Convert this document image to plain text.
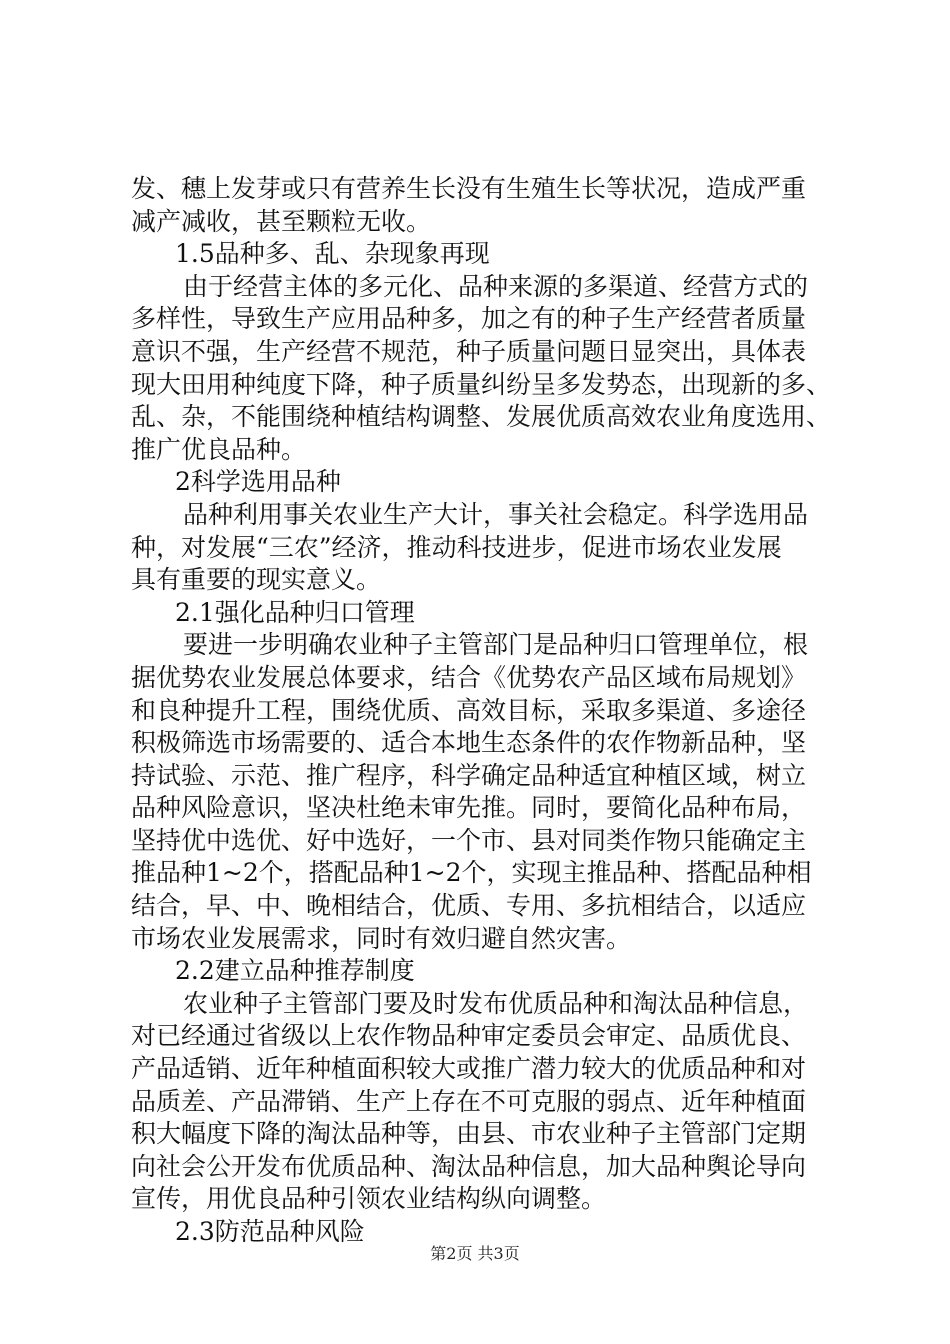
发、穗上发芽或只有营养生长没有生殖生长等状况，造成严重
减产减收，甚至颗粒无收。
1.5品种多、乱、杂现象再现
由于经营主体的多元化、品种来源的多渠道、经营方式的
多样性，导致生产应用品种多，加之有的种子生产经营者质量
意识不强，生产经营不规范，种子质量问题日显突出，具体表
现大田用种纯度下降，种子质量纠纷呈多发势态，出现新的多、
乱、杂，不能围绕种植结构调整、发展优质高效农业角度选用、
推广优良品种。
2科学选用品种
品种利用事关农业生产大计，事关社会稳定。科学选用品
种，对发展“三农”经济，推动科技进步，促进市场农业发展
具有重要的现实意义。
2.1强化品种归口管理
要进一步明确农业种子主管部门是品种归口管理单位，根
据优势农业发展总体要求，结合《优势农产品区域布局规划》
和良种提升工程，围绕优质、高效目标，采取多渠道、多途径
积极筛选市场需要的、适合本地生态条件的农作物新品种，坚
持试验、示范、推广程序，科学确定品种适宜种植区域，树立
品种风险意识，坚决杜绝未审先推。同时，要简化品种布局，
坚持优中选优、好中选好，一个市、县对同类作物只能确定主
推品种1~2个，搭配品种1~2个，实现主推品种、搭配品种相
结合，早、中、晚相结合，优质、专用、多抗相结合，以适应
市场农业发展需求，同时有效归避自然灾害。
2.2建立品种推荐制度
农业种子主管部门要及时发布优质品种和淘汰品种信息，
对已经通过省级以上农作物品种审定委员会审定、品质优良、
产品适销、近年种植面积较大或推广潜力较大的优质品种和对
品质差、产品滞销、生产上存在不可克服的弱点、近年种植面
积大幅度下降的淘汰品种等，由县、市农业种子主管部门定期
向社会公开发布优质品种、淘汰品种信息，加大品种舆论导向
宣传，用优良品种引领农业结构纵向调整。
2.3防范品种风险
第2页 共3页
